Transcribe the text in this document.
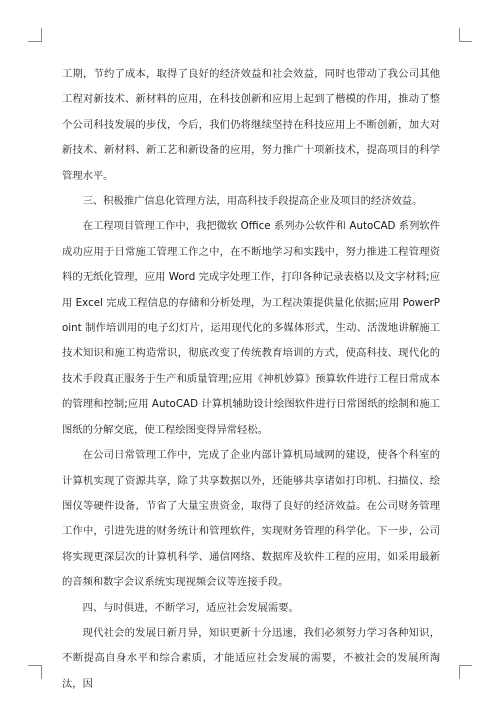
工期，节约了成本，取得了良好的经济效益和社会效益，同时也带动了我公司其他工程对新技术、新材料的应用，在科技创新和应用上起到了楷模的作用，推动了整个公司科技发展的步伐，今后，我们仍将继续坚持在科技应用上不断创新，加大对新技术、新材料、新工艺和新设备的应用，努力推广十项新技术，提高项目的科学管理水平。

三、积极推广信息化管理方法，用高科技手段提高企业及项目的经济效益。

在工程项目管理工作中，我把微软 Office 系列办公软件和 AutoCAD 系列软件成功应用于日常施工管理工作之中，在不断地学习和实践中，努力推进工程管理资料的无纸化管理，应用 Word 完成字处理工作，打印各种记录表格以及文字材料;应用 Excel 完成工程信息的存储和分析处理，为工程决策提供量化依据;应用 PowerPoint 制作培训用的电子幻灯片，运用现代化的多媒体形式，生动、活泼地讲解施工技术知识和施工构造常识，彻底改变了传统教育培训的方式，使高科技、现代化的技术手段真正服务于生产和质量管理;应用《神机妙算》预算软件进行工程日常成本的管理和控制;应用 AutoCAD 计算机辅助设计绘图软件进行日常图纸的绘制和施工图纸的分解交底，使工程绘图变得异常轻松。

在公司日常管理工作中，完成了企业内部计算机局域网的建设，使各个科室的计算机实现了资源共享，除了共享数据以外，还能够共享诸如打印机、扫描仪、绘图仪等硬件设备，节省了大量宝贵资金，取得了良好的经济效益。在公司财务管理工作中，引进先进的财务统计和管理软件，实现财务管理的科学化。下一步，公司将实现更深层次的计算机科学、通信网络、数据库及软件工程的应用，如采用最新的音频和数字会议系统实现视频会议等连接手段。

四、与时俱进，不断学习，适应社会发展需要。

现代社会的发展日新月异，知识更新十分迅速，我们必须努力学习各种知识，不断提高自身水平和综合素质，才能适应社会发展的需要，不被社会的发展所淘汰，因
